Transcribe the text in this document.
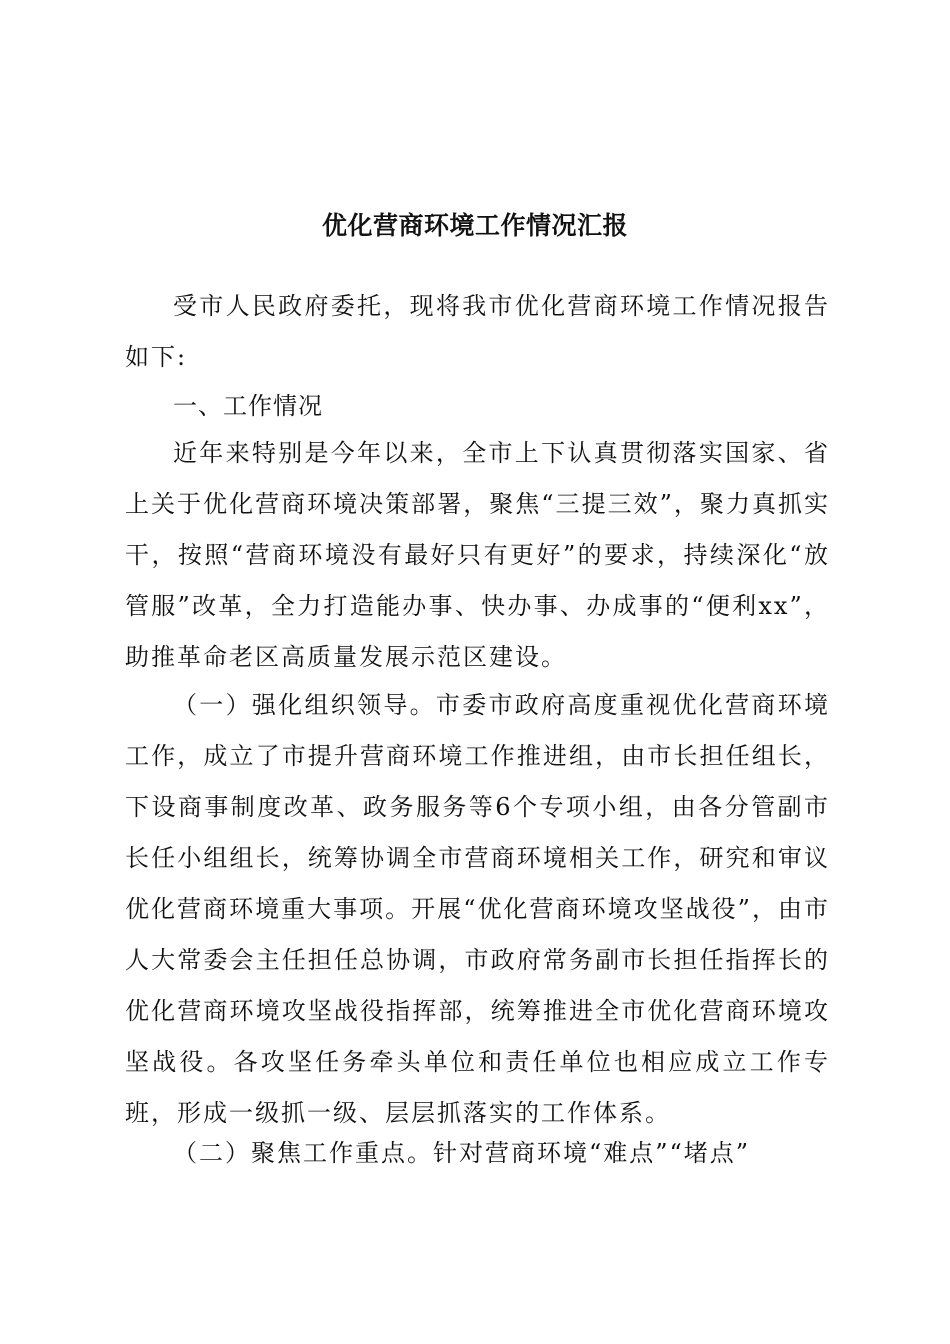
优化营商环境工作情况汇报

受市人民政府委托，现将我市优化营商环境工作情况报告如下:

一、工作情况

近年来特别是今年以来，全市上下认真贯彻落实国家、省上关于优化营商环境决策部署，聚焦“三提三效”，聚力真抓实干，按照“营商环境没有最好只有更好”的要求，持续深化“放管服”改革，全力打造能办事、快办事、办成事的“便利xx”，助推革命老区高质量发展示范区建设。

（一）强化组织领导。市委市政府高度重视优化营商环境工作，成立了市提升营商环境工作推进组，由市长担任组长，下设商事制度改革、政务服务等6个专项小组，由各分管副市长任小组组长，统筹协调全市营商环境相关工作，研究和审议优化营商环境重大事项。开展“优化营商环境攻坚战役”，由市人大常委会主任担任总协调，市政府常务副市长担任指挥长的优化营商环境攻坚战役指挥部，统筹推进全市优化营商环境攻坚战役。各攻坚任务牵头单位和责任单位也相应成立工作专班，形成一级抓一级、层层抓落实的工作体系。

（二）聚焦工作重点。针对营商环境“难点”“堵点”
